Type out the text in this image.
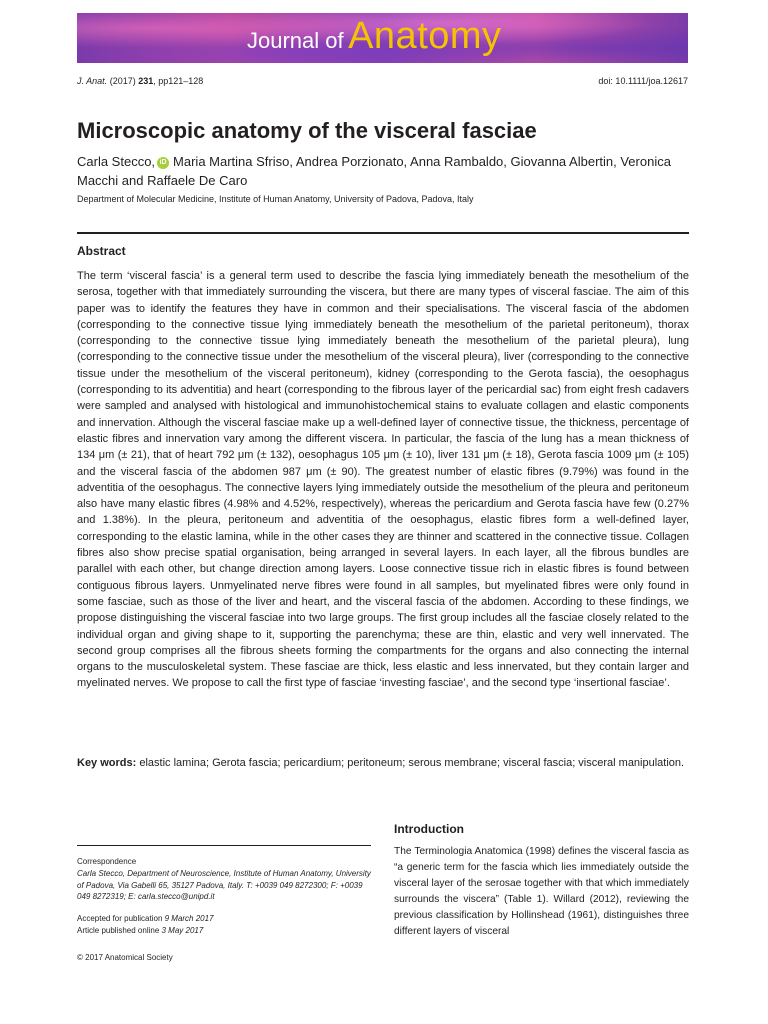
Journal of Anatomy
J. Anat. (2017) 231, pp121–128	doi: 10.1111/joa.12617
Microscopic anatomy of the visceral fasciae
Carla Stecco, iD Maria Martina Sfriso, Andrea Porzionato, Anna Rambaldo, Giovanna Albertin, Veronica Macchi and Raffaele De Caro
Department of Molecular Medicine, Institute of Human Anatomy, University of Padova, Padova, Italy
Abstract

The term ‘visceral fascia’ is a general term used to describe the fascia lying immediately beneath the mesothelium of the serosa, together with that immediately surrounding the viscera, but there are many types of visceral fasciae. The aim of this paper was to identify the features they have in common and their specialisations. The visceral fascia of the abdomen (corresponding to the connective tissue lying immediately beneath the mesothelium of the parietal peritoneum), thorax (corresponding to the connective tissue lying immediately beneath the mesothelium of the parietal pleura), lung (corresponding to the connective tissue under the mesothelium of the visceral pleura), liver (corresponding to the connective tissue under the mesothelium of the visceral peritoneum), kidney (corresponding to the Gerota fascia), the oesophagus (corresponding to its adventitia) and heart (corresponding to the fibrous layer of the pericardial sac) from eight fresh cadavers were sampled and analysed with histological and immunohistochemical stains to evaluate collagen and elastic components and innervation. Although the visceral fasciae make up a well-defined layer of connective tissue, the thickness, percentage of elastic fibres and innervation vary among the different viscera. In particular, the fascia of the lung has a mean thickness of 134 μm (± 21), that of heart 792 μm (± 132), oesophagus 105 μm (± 10), liver 131 μm (± 18), Gerota fascia 1009 μm (± 105) and the visceral fascia of the abdomen 987 μm (± 90). The greatest number of elastic fibres (9.79%) was found in the adventitia of the oesophagus. The connective layers lying immediately outside the mesothelium of the pleura and peritoneum also have many elastic fibres (4.98% and 4.52%, respectively), whereas the pericardium and Gerota fascia have few (0.27% and 1.38%). In the pleura, peritoneum and adventitia of the oesophagus, elastic fibres form a well-defined layer, corresponding to the elastic lamina, while in the other cases they are thinner and scattered in the connective tissue. Collagen fibres also show precise spatial organisation, being arranged in several layers. In each layer, all the fibrous bundles are parallel with each other, but change direction among layers. Loose connective tissue rich in elastic fibres is found between contiguous fibrous layers. Unmyelinated nerve fibres were found in all samples, but myelinated fibres were only found in some fasciae, such as those of the liver and heart, and the visceral fascia of the abdomen. According to these findings, we propose distinguishing the visceral fasciae into two large groups. The first group includes all the fasciae closely related to the individual organ and giving shape to it, supporting the parenchyma; these are thin, elastic and very well innervated. The second group comprises all the fibrous sheets forming the compartments for the organs and also connecting the internal organs to the musculoskeletal system. These fasciae are thick, less elastic and less innervated, but they contain larger and myelinated nerves. We propose to call the first type of fasciae ‘investing fasciae’, and the second type ‘insertional fasciae’.

Key words: elastic lamina; Gerota fascia; pericardium; peritoneum; serous membrane; visceral fascia; visceral manipulation.

Correspondence
Carla Stecco, Department of Neuroscience, Institute of Human Anatomy, University of Padova, Via Gabelli 65, 35127 Padova, Italy. T: +0039 049 8272300; F: +0039 049 8272319; E: carla.stecco@unipd.it
Accepted for publication 9 March 2017
Article published online 3 May 2017
© 2017 Anatomical Society
Introduction

The Terminologia Anatomica (1998) defines the visceral fascia as “a generic term for the fascia which lies immediately outside the visceral layer of the serosae together with that which immediately surrounds the viscera” (Table 1). Willard (2012), reviewing the previous classification by Hollinshead (1961), distinguishes three different layers of visceral
